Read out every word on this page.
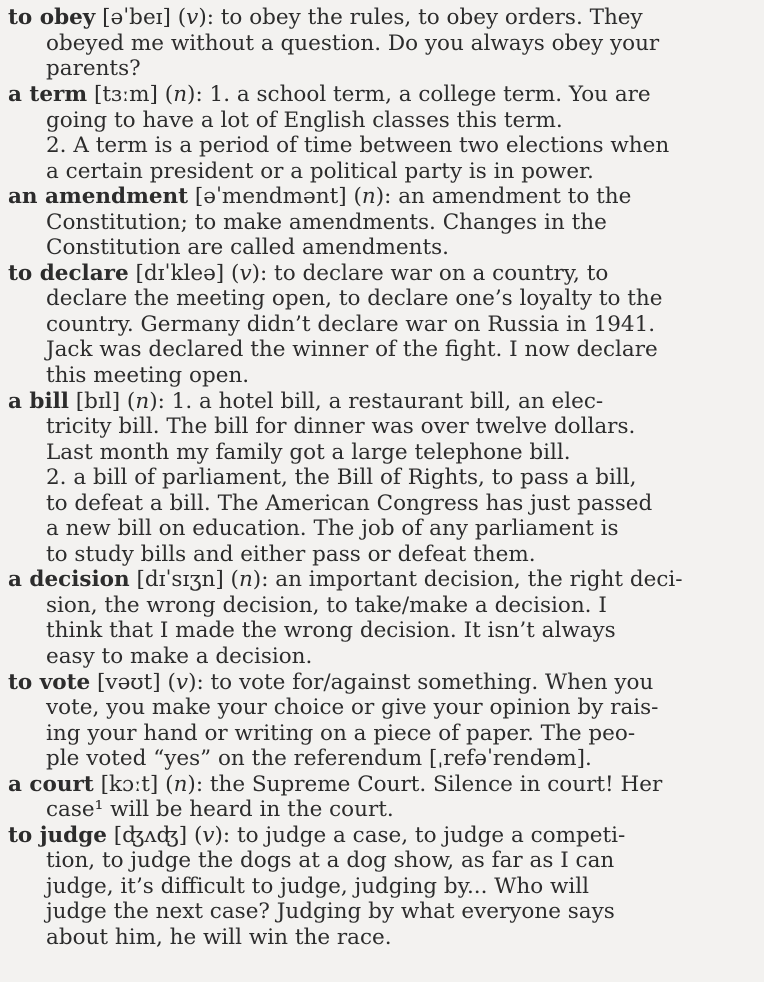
to obey [əˈbeɪ] (v): to obey the rules, to obey orders. They
obeyed me without a question. Do you always obey your
parents?
a term [tɜːm] (n): 1. a school term, a college term. You are
going to have a lot of English classes this term.
2. A term is a period of time between two elections when
a certain president or a political party is in power.
an amendment [əˈmendmənt] (n): an amendment to the
Constitution; to make amendments. Changes in the
Constitution are called amendments.
to declare [dɪˈkleə] (v): to declare war on a country, to
declare the meeting open, to declare one’s loyalty to the
country. Germany didn’t declare war on Russia in 1941.
Jack was declared the winner of the fight. I now declare
this meeting open.
a bill [bɪl] (n): 1. a hotel bill, a restaurant bill, an elec-
tricity bill. The bill for dinner was over twelve dollars.
Last month my family got a large telephone bill.
2. a bill of parliament, the Bill of Rights, to pass a bill,
to defeat a bill. The American Congress has just passed
a new bill on education. The job of any parliament is
to study bills and either pass or defeat them.
a decision [dɪˈsɪʒn] (n): an important decision, the right deci-
sion, the wrong decision, to take/make a decision. I
think that I made the wrong decision. It isn’t always
easy to make a decision.
to vote [vəʊt] (v): to vote for/against something. When you
vote, you make your choice or give your opinion by rais-
ing your hand or writing on a piece of paper. The peo-
ple voted “yes” on the referendum [ˌrefəˈrendəm].
a court [kɔːt] (n): the Supreme Court. Silence in court! Her
case¹ will be heard in the court.
to judge [ʤʌʤ] (v): to judge a case, to judge a competi-
tion, to judge the dogs at a dog show, as far as I can
judge, it’s difficult to judge, judging by... Who will
judge the next case? Judging by what everyone says
about him, he will win the race.
